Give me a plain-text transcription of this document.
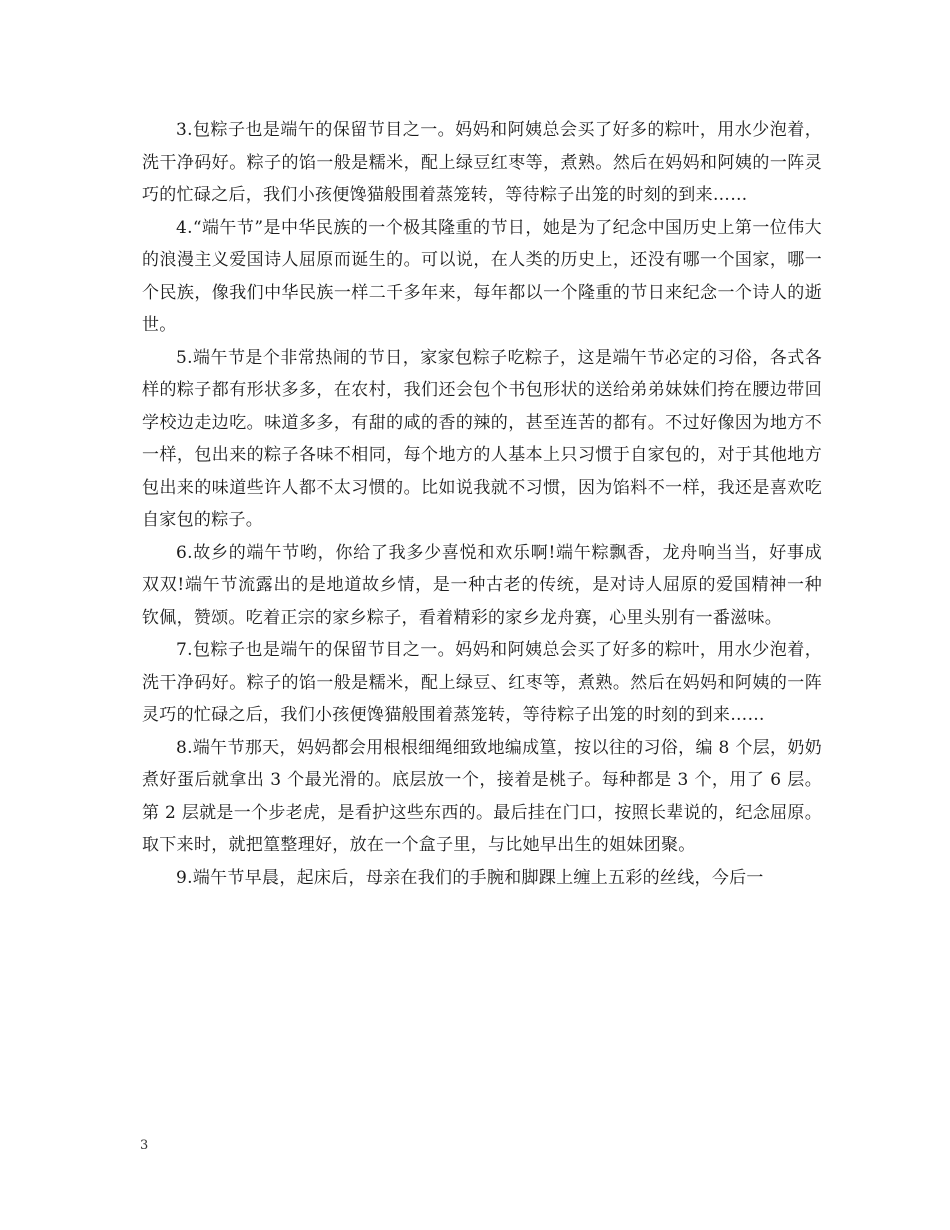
3.包粽子也是端午的保留节目之一。妈妈和阿姨总会买了好多的粽叶，用水少泡着，洗干净码好。粽子的馅一般是糯米，配上绿豆红枣等，煮熟。然后在妈妈和阿姨的一阵灵巧的忙碌之后，我们小孩便馋猫般围着蒸笼转，等待粽子出笼的时刻的到来……

4.“端午节”是中华民族的一个极其隆重的节日，她是为了纪念中国历史上第一位伟大的浪漫主义爱国诗人屈原而诞生的。可以说，在人类的历史上，还没有哪一个国家，哪一个民族，像我们中华民族一样二千多年来，每年都以一个隆重的节日来纪念一个诗人的逝世。

5.端午节是个非常热闹的节日，家家包粽子吃粽子，这是端午节必定的习俗，各式各样的粽子都有形状多多，在农村，我们还会包个书包形状的送给弟弟妹妹们挎在腰边带回学校边走边吃。味道多多，有甜的咸的香的辣的，甚至连苦的都有。不过好像因为地方不一样，包出来的粽子各味不相同，每个地方的人基本上只习惯于自家包的，对于其他地方包出来的味道些许人都不太习惯的。比如说我就不习惯，因为馅料不一样，我还是喜欢吃自家包的粽子。

6.故乡的端午节哟，你给了我多少喜悦和欢乐啊!端午粽飘香，龙舟响当当，好事成双双!端午节流露出的是地道故乡情，是一种古老的传统，是对诗人屈原的爱国精神一种钦佩，赞颂。吃着正宗的家乡粽子，看着精彩的家乡龙舟赛，心里头别有一番滋味。

7.包粽子也是端午的保留节目之一。妈妈和阿姨总会买了好多的粽叶，用水少泡着，洗干净码好。粽子的馅一般是糯米，配上绿豆、红枣等，煮熟。然后在妈妈和阿姨的一阵灵巧的忙碌之后，我们小孩便馋猫般围着蒸笼转，等待粽子出笼的时刻的到来……

8.端午节那天，妈妈都会用根根细绳细致地编成篁，按以往的习俗，编 8 个层，奶奶煮好蛋后就拿出 3 个最光滑的。底层放一个，接着是桃子。每种都是 3 个，用了 6 层。第 2 层就是一个步老虎，是看护这些东西的。最后挂在门口，按照长辈说的，纪念屈原。取下来时，就把篁整理好，放在一个盒子里，与比她早出生的姐妹团聚。

9.端午节早晨，起床后，母亲在我们的手腕和脚踝上缠上五彩的丝线，今后一

3
